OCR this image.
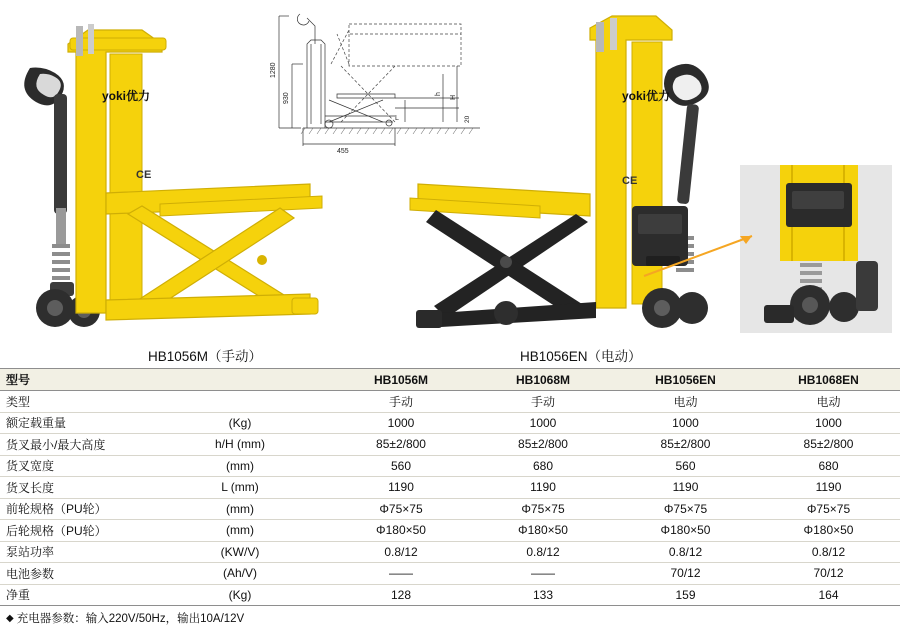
1280
930
455
L
h
H
20
yoki优力
CE
yoki优力
CE
HB1056M（手动）	HB1056EN（电动）
型号		HB1056M	HB1068M	HB1056EN	HB1068EN
类型		手动	手动	电动	电动
额定载重量	(Kg)	1000	1000	1000	1000
货叉最小/最大高度	h/H (mm)	85±2/800	85±2/800	85±2/800	85±2/800
货叉宽度	(mm)	560	680	560	680
货叉长度	L (mm)	1190	1190	1190	1190
前轮规格（PU轮）	(mm)	Φ75×75	Φ75×75	Φ75×75	Φ75×75
后轮规格（PU轮）	(mm)	Φ180×50	Φ180×50	Φ180×50	Φ180×50
泵站功率	(KW/V)	0.8/12	0.8/12	0.8/12	0.8/12
电池参数	(Ah/V)	——	——	70/12	70/12
净重	(Kg)	128	133	159	164
◆ 充电器参数：输入220V/50Hz，输出10A/12V
